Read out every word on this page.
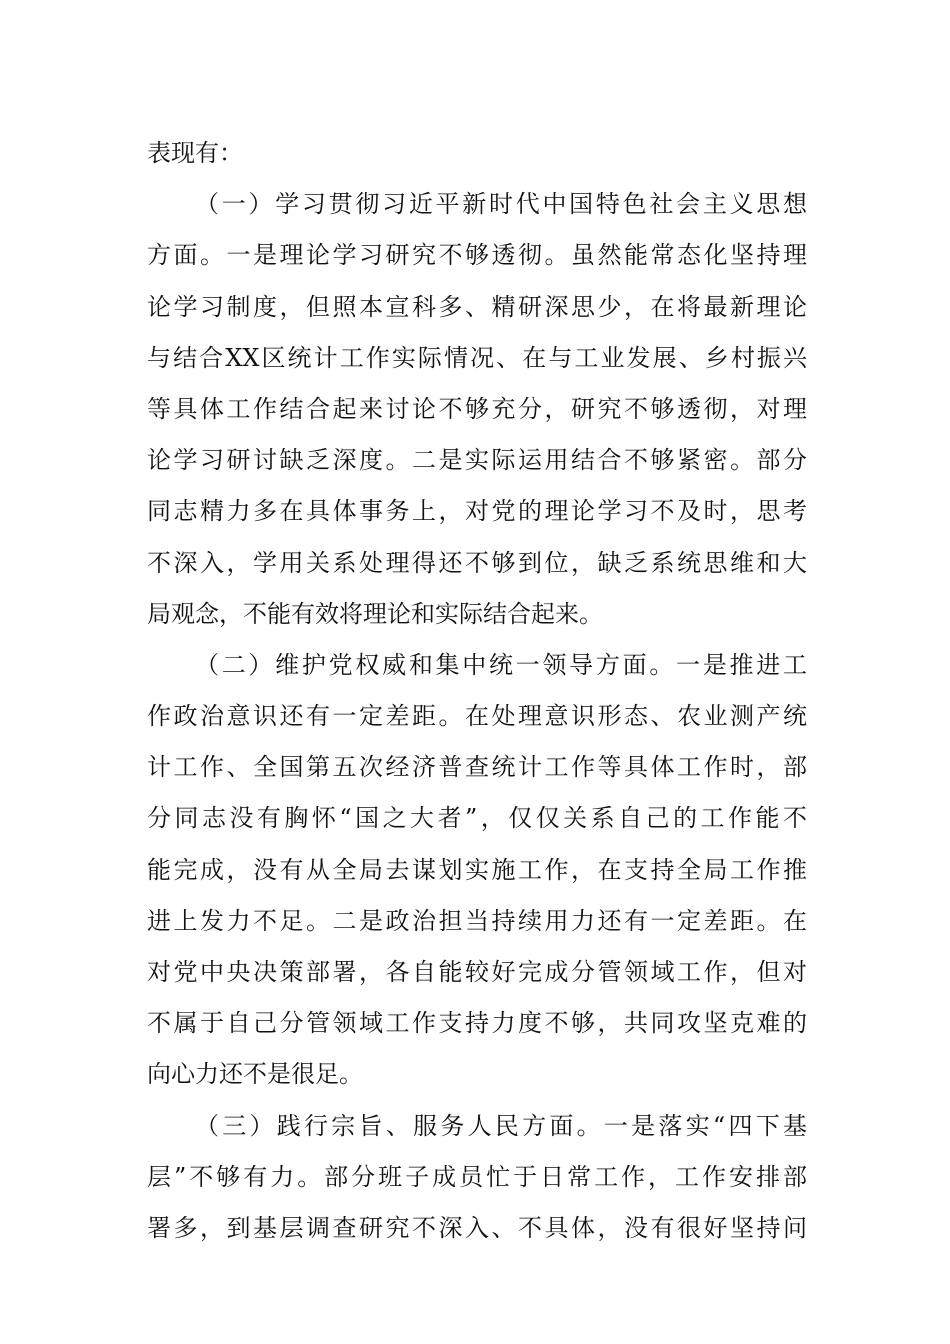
表现有：
（一）学习贯彻习近平新时代中国特色社会主义思想
方面。一是理论学习研究不够透彻。虽然能常态化坚持理
论学习制度，但照本宣科多、精研深思少，在将最新理论
与结合XX区统计工作实际情况、在与工业发展、乡村振兴
等具体工作结合起来讨论不够充分，研究不够透彻，对理
论学习研讨缺乏深度。二是实际运用结合不够紧密。部分
同志精力多在具体事务上，对党的理论学习不及时，思考
不深入，学用关系处理得还不够到位，缺乏系统思维和大
局观念，不能有效将理论和实际结合起来。
（二）维护党权威和集中统一领导方面。一是推进工
作政治意识还有一定差距。在处理意识形态、农业测产统
计工作、全国第五次经济普查统计工作等具体工作时，部
分同志没有胸怀“国之大者”，仅仅关系自己的工作能不
能完成，没有从全局去谋划实施工作，在支持全局工作推
进上发力不足。二是政治担当持续用力还有一定差距。在
对党中央决策部署，各自能较好完成分管领域工作，但对
不属于自己分管领域工作支持力度不够，共同攻坚克难的
向心力还不是很足。
（三）践行宗旨、服务人民方面。一是落实“四下基
层”不够有力。部分班子成员忙于日常工作，工作安排部
署多，到基层调查研究不深入、不具体，没有很好坚持问
